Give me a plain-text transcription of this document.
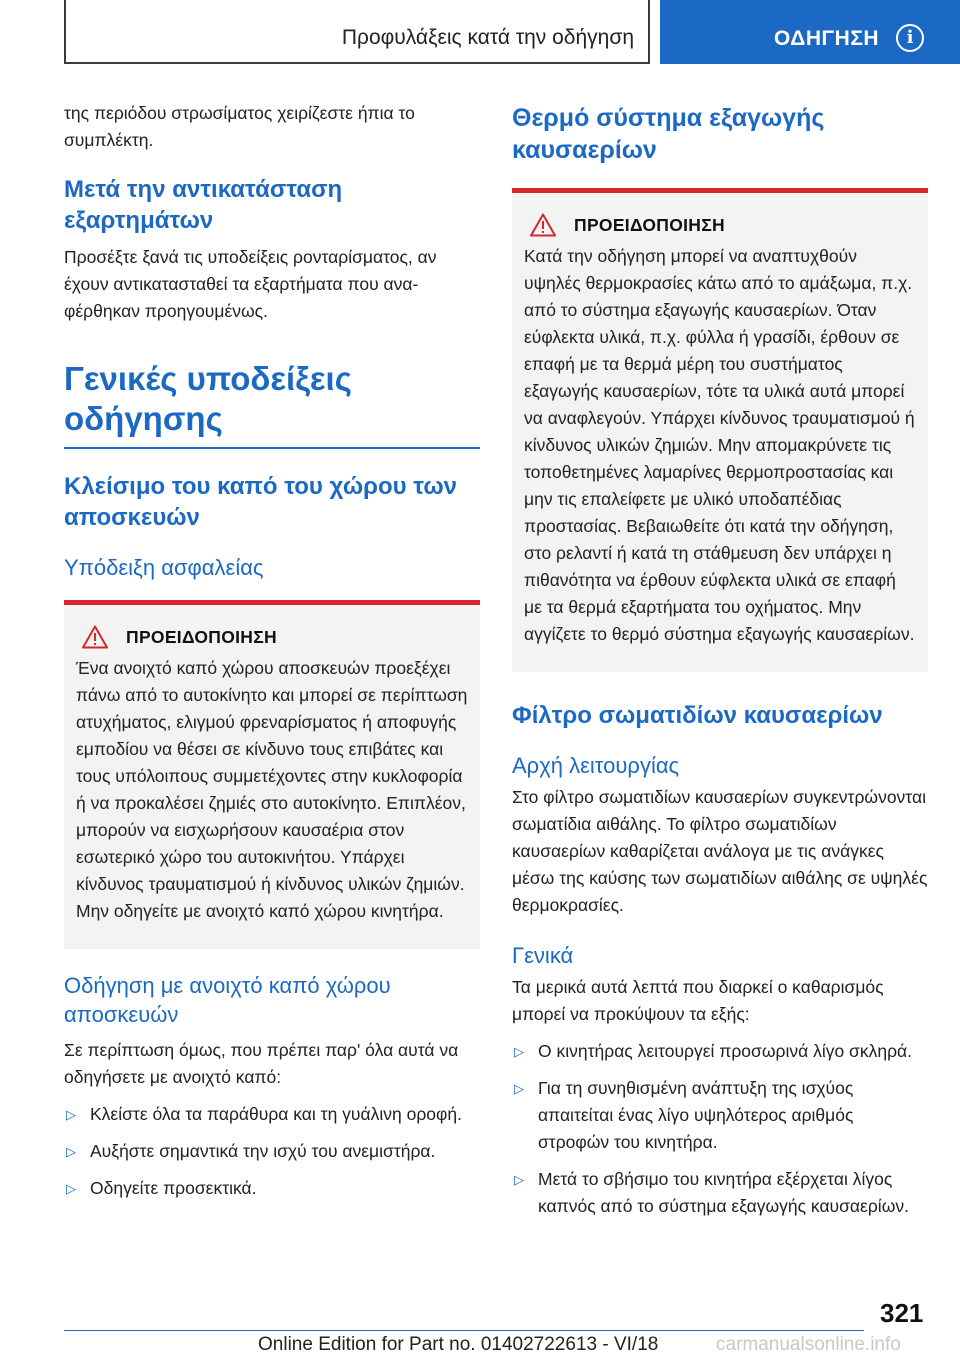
Προφυλάξεις κατά την οδήγηση	ΟΔΗΓΗΣΗ	i

της περιόδου στρωσίματος χειρίζεστε ήπια το συμπλέκτη.

Μετά την αντικατάσταση εξαρτημάτων

Προσέξτε ξανά τις υποδείξεις ρονταρίσματος, αν έχουν αντικατασταθεί τα εξαρτήματα που αναφέρθηκαν προηγουμένως.

Γενικές υποδείξεις οδήγησης
Κλείσιμο του καπό του χώρου των αποσκευών
Υπόδειξη ασφαλείας
ΠΡΟΕΙΔΟΠΟΙΗΣΗ

Ένα ανοιχτό καπό χώρου αποσκευών προεξέχει πάνω από το αυτοκίνητο και μπορεί σε περίπτωση ατυχήματος, ελιγμού φρεναρίσματος ή αποφυγής εμποδίου να θέσει σε κίνδυνο τους επιβάτες και τους υπόλοιπους συμμετέχοντες στην κυκλοφορία ή να προκαλέσει ζημιές στο αυτοκίνητο. Επιπλέον, μπορούν να εισχωρήσουν καυσαέρια στον εσωτερικό χώρο του αυτοκινήτου. Υπάρχει κίνδυνος τραυματισμού ή κίνδυνος υλικών ζημιών. Μην οδηγείτε με ανοιχτό καπό χώρου κινητήρα.

Οδήγηση με ανοιχτό καπό χώρου αποσκευών

Σε περίπτωση όμως, που πρέπει παρ' όλα αυτά να οδηγήσετε με ανοιχτό καπό:

▷ Κλείστε όλα τα παράθυρα και τη γυάλινη οροφή.
▷ Αυξήστε σημαντικά την ισχύ του ανεμιστήρα.
▷ Οδηγείτε προσεκτικά.
Θερμό σύστημα εξαγωγής καυσαερίων
ΠΡΟΕΙΔΟΠΟΙΗΣΗ

Κατά την οδήγηση μπορεί να αναπτυχθούν υψηλές θερμοκρασίες κάτω από το αμάξωμα, π.χ. από το σύστημα εξαγωγής καυσαερίων. Όταν εύφλεκτα υλικά, π.χ. φύλλα ή γρασίδι, έρθουν σε επαφή με τα θερμά μέρη του συστήματος εξαγωγής καυσαερίων, τότε τα υλικά αυτά μπορεί να αναφλεγούν. Υπάρχει κίνδυνος τραυματισμού ή κίνδυνος υλικών ζημιών. Μην απομακρύνετε τις τοποθετημένες λαμαρίνες θερμοπροστασίας και μην τις επαλείφετε με υλικό υποδαπέδιας προστασίας. Βεβαιωθείτε ότι κατά την οδήγηση, στο ρελαντί ή κατά τη στάθμευση δεν υπάρχει η πιθανότητα να έρθουν εύφλεκτα υλικά σε επαφή με τα θερμά εξαρτήματα του οχήματος. Μην αγγίζετε το θερμό σύστημα εξαγωγής καυσαερίων.

Φίλτρο σωματιδίων καυσαερίων
Αρχή λειτουργίας

Στο φίλτρο σωματιδίων καυσαερίων συγκεντρώνονται σωματίδια αιθάλης. Το φίλτρο σωματιδίων καυσαερίων καθαρίζεται ανάλογα με τις ανάγκες μέσω της καύσης των σωματιδίων αιθάλης σε υψηλές θερμοκρασίες.

Γενικά

Τα μερικά αυτά λεπτά που διαρκεί ο καθαρισμός μπορεί να προκύψουν τα εξής:

▷ Ο κινητήρας λειτουργεί προσωρινά λίγο σκληρά.
▷ Για τη συνηθισμένη ανάπτυξη της ισχύος απαιτείται ένας λίγο υψηλότερος αριθμός στροφών του κινητήρα.
▷ Μετά το σβήσιμο του κινητήρα εξέρχεται λίγος καπνός από το σύστημα εξαγωγής καυσαερίων.
321
Online Edition for Part no. 01402722613 - VI/18	carmanualsonline.info
